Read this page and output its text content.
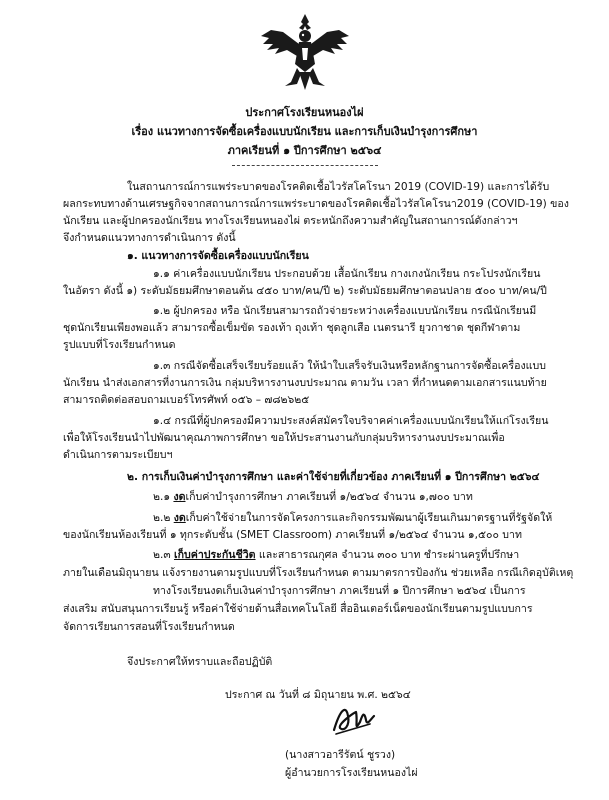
ประกาศโรงเรียนหนองไผ่
เรื่อง แนวทางการจัดซื้อเครื่องแบบนักเรียน และการเก็บเงินบำรุงการศึกษา
ภาคเรียนที่ ๑ ปีการศึกษา ๒๕๖๔
ในสถานการณ์การแพร่ระบาดของโรคติดเชื้อไวรัสโคโรนา 2019 (COVID-19) และการได้รับ
ผลกระทบทางด้านเศรษฐกิจจากสถานการณ์การแพร่ระบาดของโรคติดเชื้อไวรัสโคโรนา2019 (COVID-19) ของ
นักเรียน และผู้ปกครองนักเรียน ทางโรงเรียนหนองไผ่ ตระหนักถึงความสำคัญในสถานการณ์ดังกล่าวฯ
จึงกำหนดแนวทางการดำเนินการ ดังนี้
๑. แนวทางการจัดซื้อเครื่องแบบนักเรียน
๑.๑ ค่าเครื่องแบบนักเรียน ประกอบด้วย เสื้อนักเรียน กางเกงนักเรียน กระโปรงนักเรียน
ในอัตรา ดังนี้ ๑) ระดับมัธยมศึกษาตอนต้น ๔๕๐ บาท/คน/ปี ๒) ระดับมัธยมศึกษาตอนปลาย ๕๐๐ บาท/คน/ปี
๑.๒ ผู้ปกครอง หรือ นักเรียนสามารถถัวจ่ายระหว่างเครื่องแบบนักเรียน กรณีนักเรียนมี
ชุดนักเรียนเพียงพอแล้ว สามารถซื้อเข็มขัด รองเท้า ถุงเท้า ชุดลูกเสือ เนตรนารี ยุวกาชาด ชุดกีฬาตาม
รูปแบบที่โรงเรียนกำหนด
๑.๓ กรณีจัดซื้อเสร็จเรียบร้อยแล้ว ให้นำใบเสร็จรับเงินหรือหลักฐานการจัดซื้อเครื่องแบบ
นักเรียน นำส่งเอกสารที่งานการเงิน กลุ่มบริหารงานงบประมาณ ตามวัน เวลา ที่กำหนดตามเอกสารแนบท้าย
สามารถติดต่อสอบถามเบอร์โทรศัพท์ ๐๕๖ – ๗๘๒๖๒๕
๑.๔ กรณีที่ผู้ปกครองมีความประสงค์สมัครใจบริจาคค่าเครื่องแบบนักเรียนให้แก่โรงเรียน
เพื่อให้โรงเรียนนำไปพัฒนาคุณภาพการศึกษา ขอให้ประสานงานกับกลุ่มบริหารงานงบประมาณเพื่อ
ดำเนินการตามระเบียบฯ
๒. การเก็บเงินค่าบำรุงการศึกษา และค่าใช้จ่ายที่เกี่ยวข้อง ภาคเรียนที่ ๑ ปีการศึกษา ๒๕๖๔
๒.๑ งดเก็บค่าบำรุงการศึกษา ภาคเรียนที่ ๑/๒๕๖๔ จำนวน ๑,๗๐๐ บาท
๒.๒ งดเก็บค่าใช้จ่ายในการจัดโครงการและกิจกรรมพัฒนาผู้เรียนเกินมาตรฐานที่รัฐจัดให้
ของนักเรียนห้องเรียนที่ ๑ ทุกระดับชั้น (SMET Classroom) ภาคเรียนที่ ๑/๒๕๖๔ จำนวน ๑,๕๐๐ บาท
๒.๓ เก็บค่าประกันชีวิต และสาธารณกุศล จำนวน ๓๐๐ บาท ชำระผ่านครูที่ปรึกษา
ภายในเดือนมิถุนายน แจ้งรายงานตามรูปแบบที่โรงเรียนกำหนด ตามมาตรการป้องกัน ช่วยเหลือ กรณีเกิดอุบัติเหตุ
ทางโรงเรียนงดเก็บเงินค่าบำรุงการศึกษา ภาคเรียนที่ ๑ ปีการศึกษา ๒๕๖๔ เป็นการ
ส่งเสริม สนับสนุนการเรียนรู้ หรือค่าใช้จ่ายด้านสื่อเทคโนโลยี สื่ออินเตอร์เน็ตของนักเรียนตามรูปแบบการ
จัดการเรียนการสอนที่โรงเรียนกำหนด
จึงประกาศให้ทราบและถือปฏิบัติ
ประกาศ ณ วันที่ ๘ มิถุนายน พ.ศ. ๒๕๖๔
(นางสาวอารีรัตน์ ชูรวง)
ผู้อำนวยการโรงเรียนหนองไผ่
